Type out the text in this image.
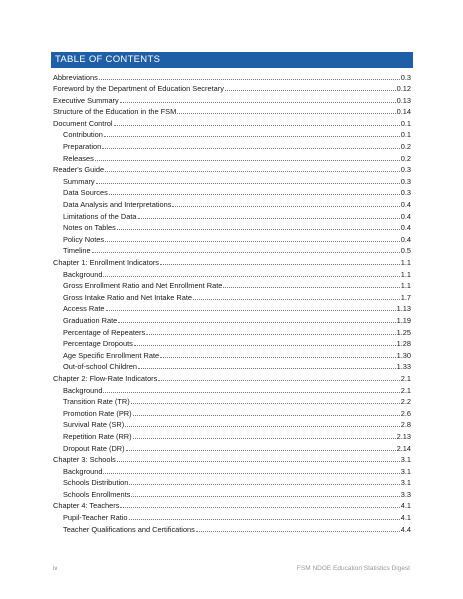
TABLE OF CONTENTS
Abbreviations	0.3
Foreword by the Department of Education Secretary	0.12
Executive Summary	0.13
Structure of the Education in the FSM	0.14
Document Control	0.1
Contribution	0.1
Preparation	0.2
Releases	0.2
Reader's Guide	0.3
Summary	0.3
Data Sources	0.3
Data Analysis and Interpretations	0.4
Limitations of the Data	0.4
Notes on Tables	0.4
Policy Notes	0.4
Timeline	0.5
Chapter 1: Enrollment Indicators	1.1
Background	1.1
Gross Enrollment Ratio and Net Enrollment Rate	1.1
Gross Intake Ratio and Net Intake Rate	1.7
Access Rate	1.13
Graduation Rate	1.19
Percentage of Repeaters	1.25
Percentage Dropouts	1.28
Age Specific Enrollment Rate	1.30
Out-of-school Children	1.33
Chapter 2: Flow-Rate Indicators	2.1
Background	2.1
Transition Rate (TR)	2.2
Promotion Rate (PR)	2.6
Survival Rate (SR)	2.8
Repetition Rate (RR)	2.13
Dropout Rate (DR)	2.14
Chapter 3: Schools	3.1
Background	3.1
Schools Distribution	3.1
Schools Enrollments	3.3
Chapter 4: Teachers	4.1
Pupil-Teacher Ratio	4.1
Teacher Qualifications and Certifications	4.4
iv	FSM NDOE Education Statistics Digest
